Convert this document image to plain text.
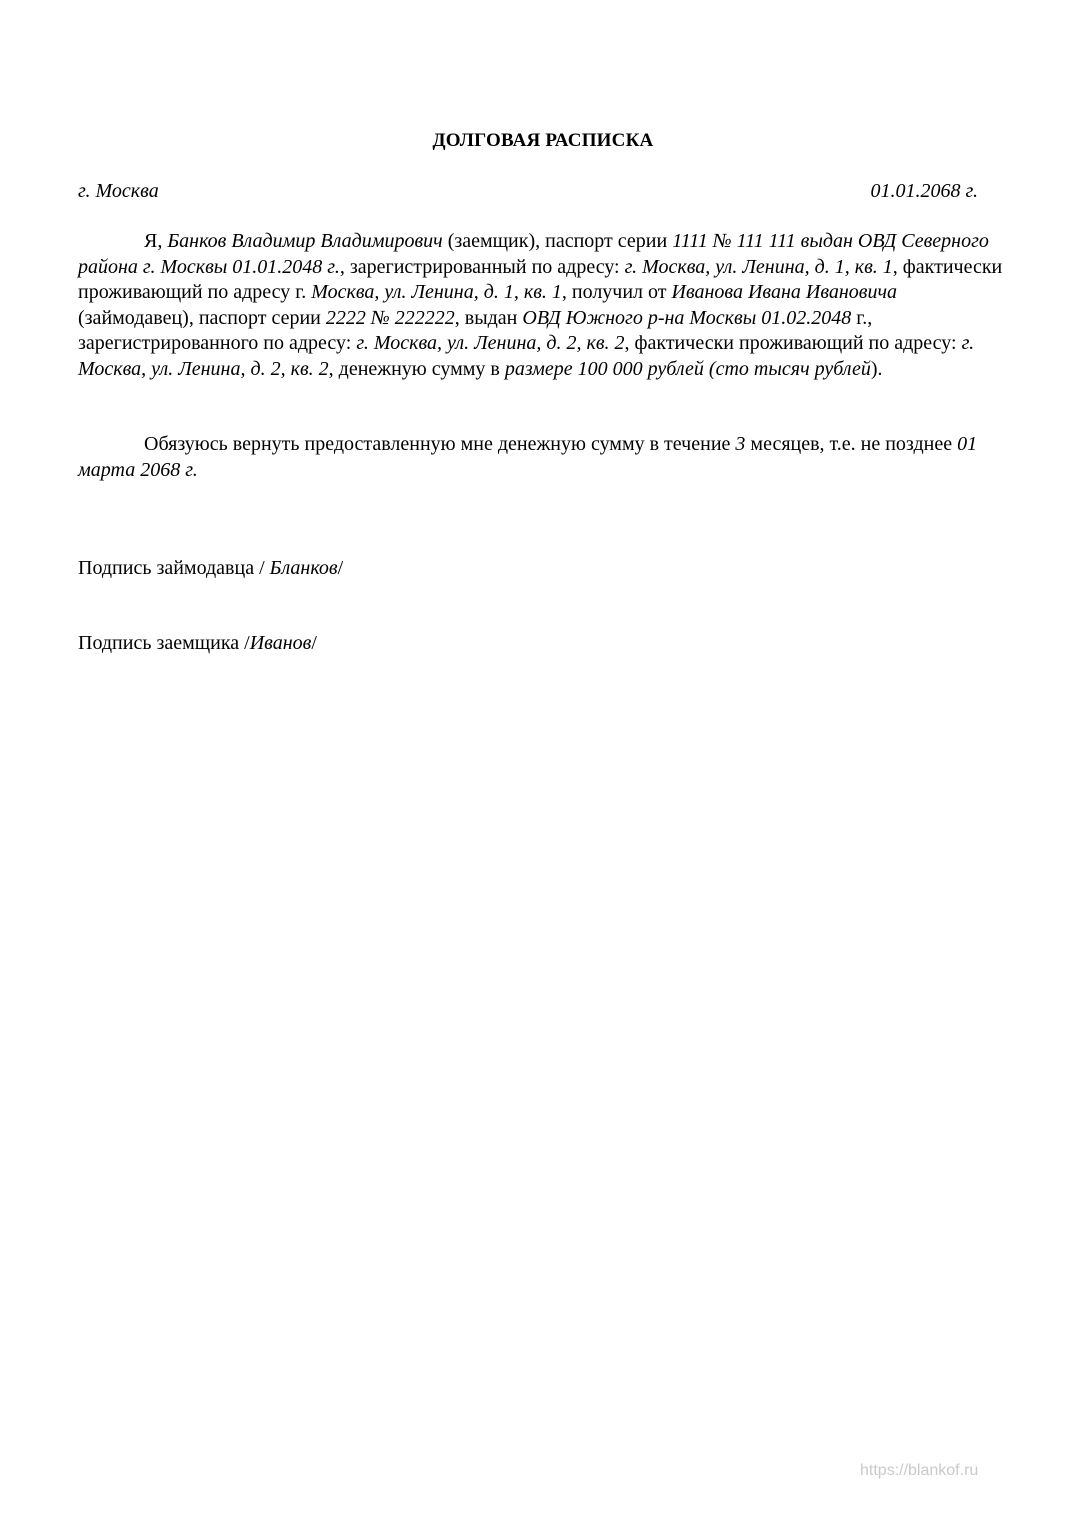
ДОЛГОВАЯ РАСПИСКА
г. Москва	01.01.2068 г.
Я, Банков Владимир Владимирович (заемщик), паспорт серии 1111 № 111 111 выдан ОВД Северного района г. Москвы 01.01.2048 г., зарегистрированный по адресу: г. Москва, ул. Ленина, д. 1, кв. 1, фактически проживающий по адресу г. Москва, ул. Ленина, д. 1, кв. 1, получил от Иванова Ивана Ивановича (займодавец), паспорт серии 2222 № 222222, выдан ОВД Южного р-на Москвы 01.02.2048 г., зарегистрированного по адресу: г. Москва, ул. Ленина, д. 2, кв. 2, фактически проживающий по адресу: г. Москва, ул. Ленина, д. 2, кв. 2, денежную сумму в размере 100 000 рублей (сто тысяч рублей).
Обязуюсь вернуть предоставленную мне денежную сумму в течение 3 месяцев, т.е. не позднее 01 марта 2068 г.
Подпись займодавца / Бланков/
Подпись заемщика /Иванов/
https://blankof.ru
